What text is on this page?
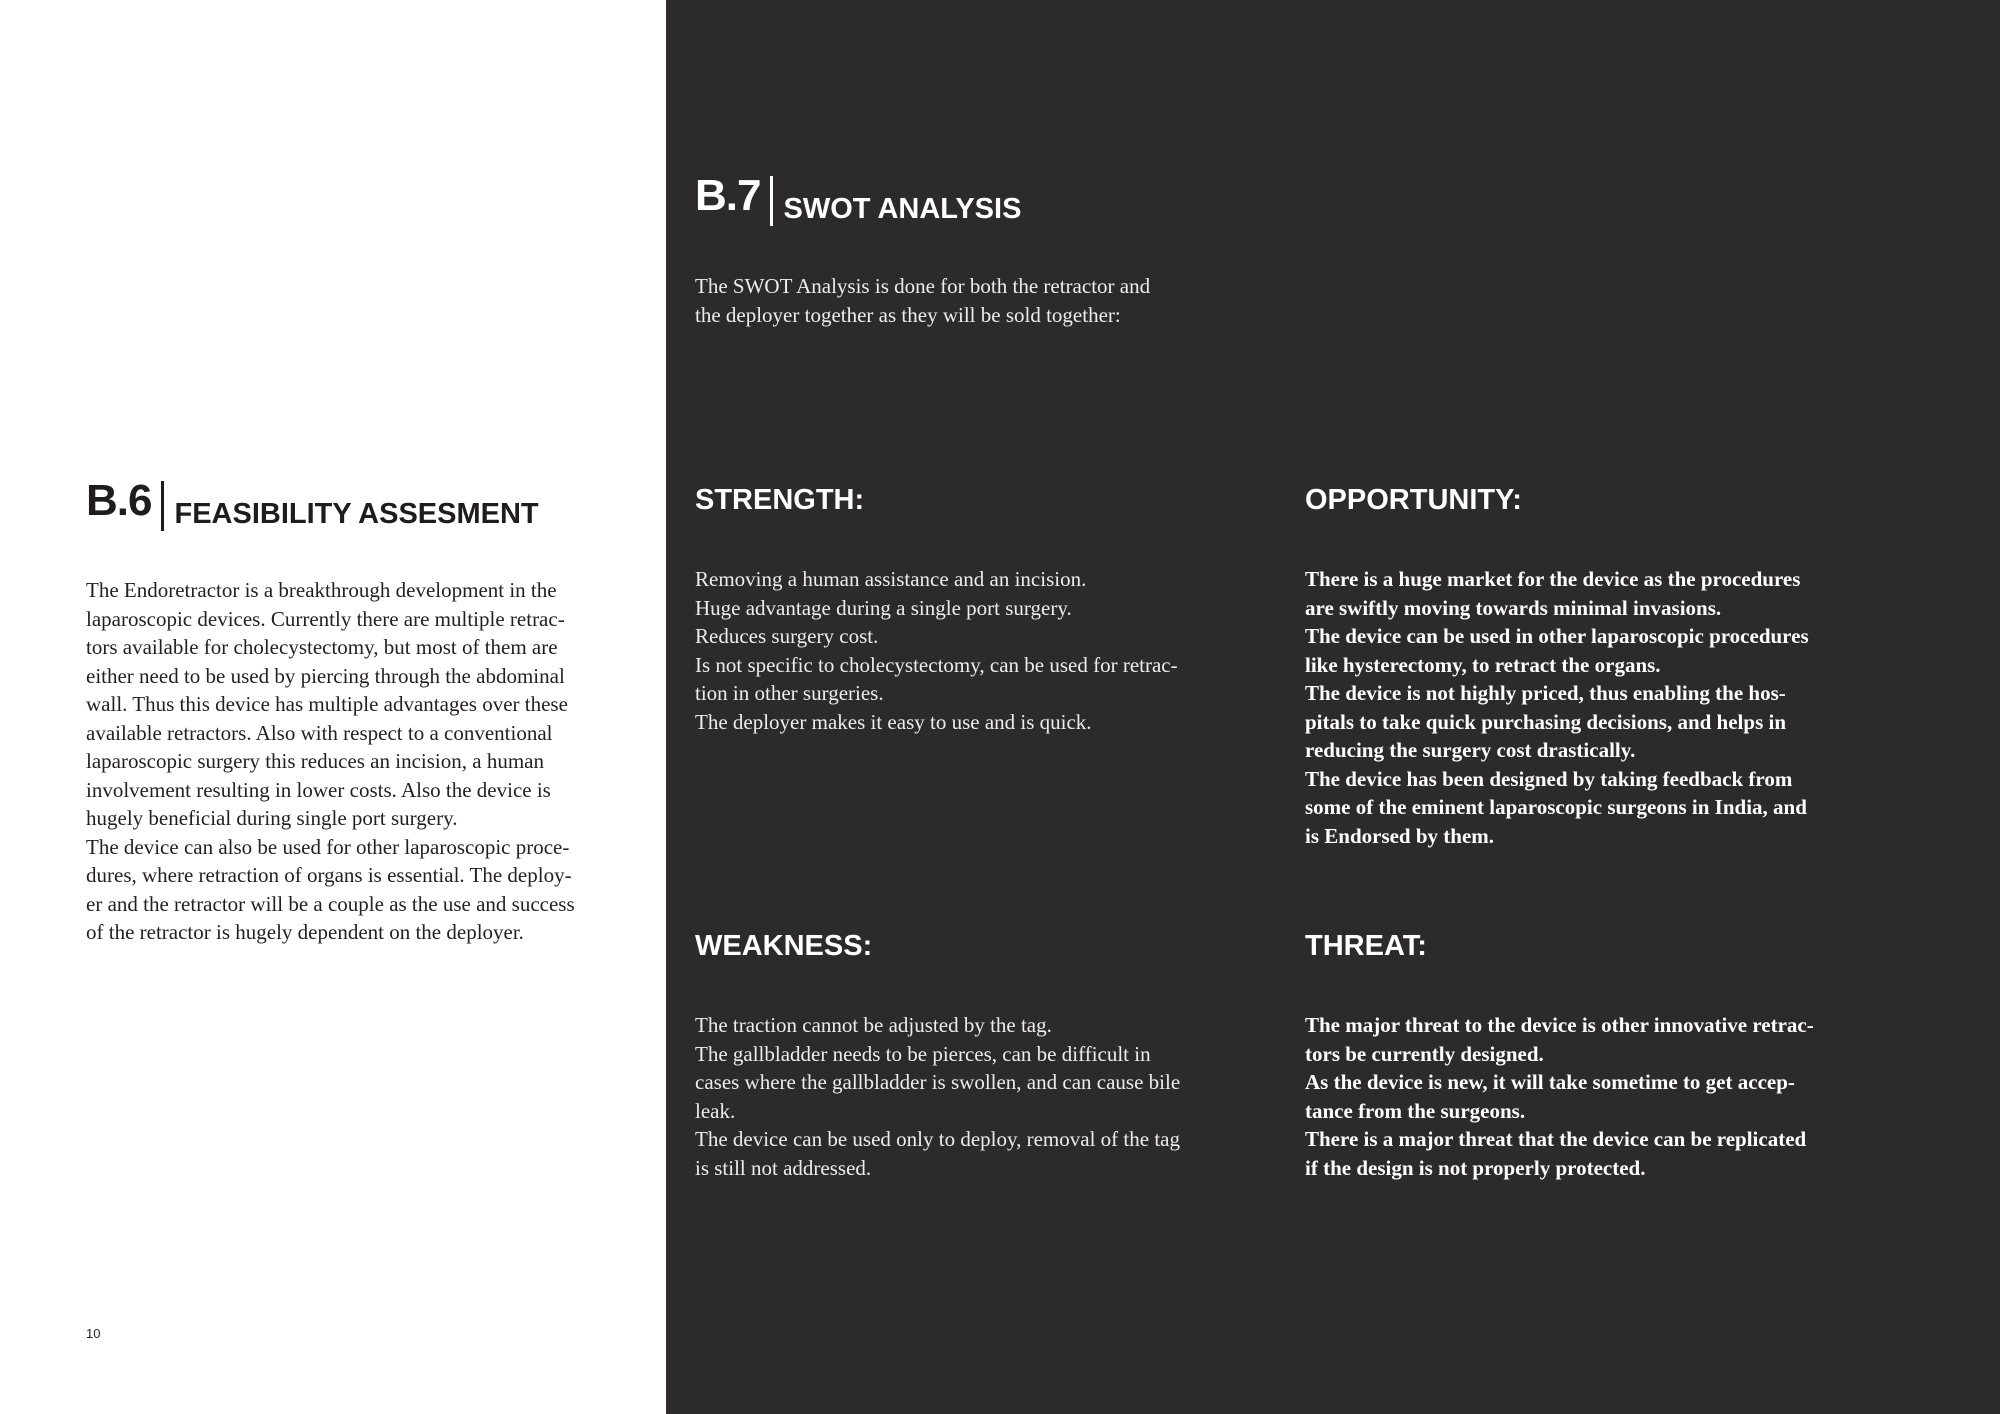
B.6 FEASIBILITY ASSESMENT

The Endoretractor is a breakthrough development in the
laparoscopic devices. Currently there are multiple retrac-
tors available for cholecystectomy, but most of them are
either need to be used by piercing through the abdominal
wall. Thus this device has multiple advantages over these
available retractors. Also with respect to a conventional
laparoscopic surgery this reduces an incision, a human
involvement resulting in lower costs. Also the device is
hugely beneficial during single port surgery.
The device can also be used for other laparoscopic proce-
dures, where retraction of organs is essential. The deploy-
er and the retractor will be a couple as the use and success
of the retractor is hugely dependent on the deployer.

10
B.7 SWOT ANALYSIS

The SWOT Analysis is done for both the retractor and
the deployer together as they will be sold together:

STRENGTH:

Removing a human assistance and an incision.
Huge advantage during a single port surgery.
Reduces surgery cost.
Is not specific to cholecystectomy, can be used for retrac-
tion in other surgeries.
The deployer makes it easy to use and is quick.

OPPORTUNITY:

There is a huge market for the device as the procedures
are swiftly moving towards minimal invasions.
The device can be used in other laparoscopic procedures
like hysterectomy, to retract the organs.
The device is not highly priced, thus enabling the hos-
pitals to take quick purchasing decisions, and helps in
reducing the surgery cost drastically.
The device has been designed by taking feedback from
some of the eminent laparoscopic surgeons in India, and
is Endorsed by them.

WEAKNESS:

The traction cannot be adjusted by the tag.
The gallbladder needs to be pierces, can be difficult in
cases where the gallbladder is swollen, and can cause bile
leak.
The device can be used only to deploy, removal of the tag
is still not addressed.

THREAT:

The major threat to the device is other innovative retrac-
tors be currently designed.
As the device is new, it will take sometime to get accep-
tance from the surgeons.
There is a major threat that the device can be replicated
if the design is not properly protected.
